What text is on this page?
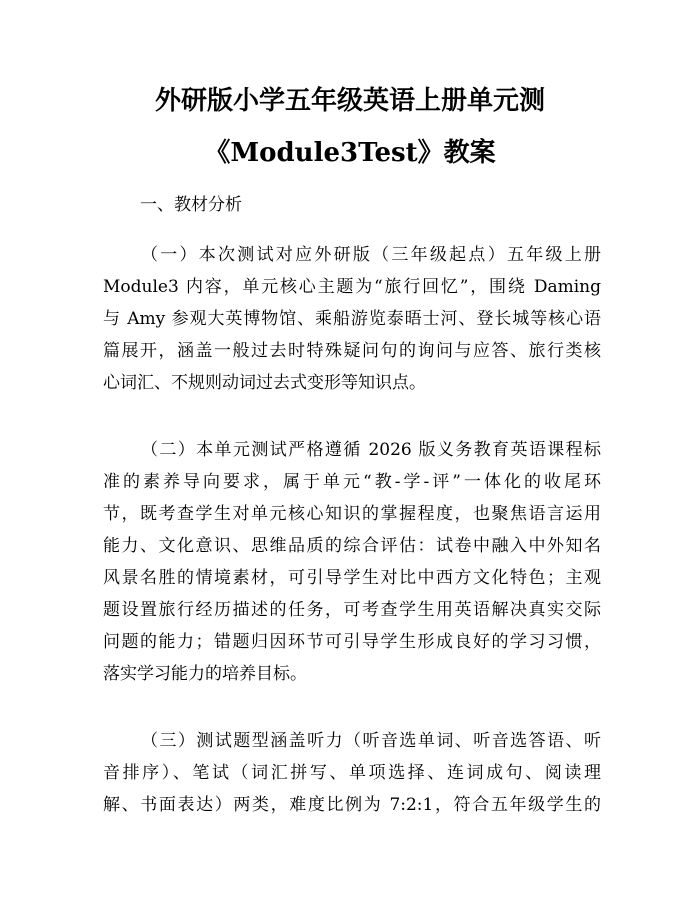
外研版小学五年级英语上册单元测
《Module3Test》教案
一、教材分析
（一）本次测试对应外研版（三年级起点）五年级上册
Module3 内容，单元核心主题为“旅行回忆”，围绕 Daming
与 Amy 参观大英博物馆、乘船游览泰晤士河、登长城等核心语
篇展开，涵盖一般过去时特殊疑问句的询问与应答、旅行类核
心词汇、不规则动词过去式变形等知识点。
（二）本单元测试严格遵循 2026 版义务教育英语课程标
准的素养导向要求，属于单元“教-学-评”一体化的收尾环
节，既考查学生对单元核心知识的掌握程度，也聚焦语言运用
能力、文化意识、思维品质的综合评估：试卷中融入中外知名
风景名胜的情境素材，可引导学生对比中西方文化特色；主观
题设置旅行经历描述的任务，可考查学生用英语解决真实交际
问题的能力；错题归因环节可引导学生形成良好的学习习惯，
落实学习能力的培养目标。
（三）测试题型涵盖听力（听音选单词、听音选答语、听
音排序）、笔试（词汇拼写、单项选择、连词成句、阅读理
解、书面表达）两类，难度比例为 7:2:1，符合五年级学生的
